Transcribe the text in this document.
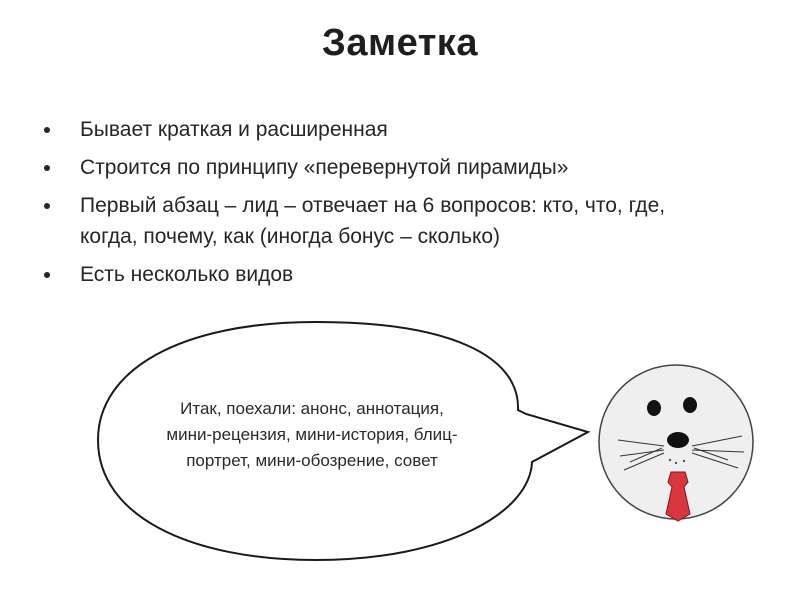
Заметка
Бывает краткая и расширенная
Строится по принципу «перевернутой пирамиды»
Первый абзац – лид – отвечает на 6 вопросов: кто, что, где, когда, почему, как (иногда бонус – сколько)
Есть несколько видов
Итак, поехали: анонс, аннотация,
мини-рецензия, мини-история, блиц-
портрет, мини-обозрение, совет
